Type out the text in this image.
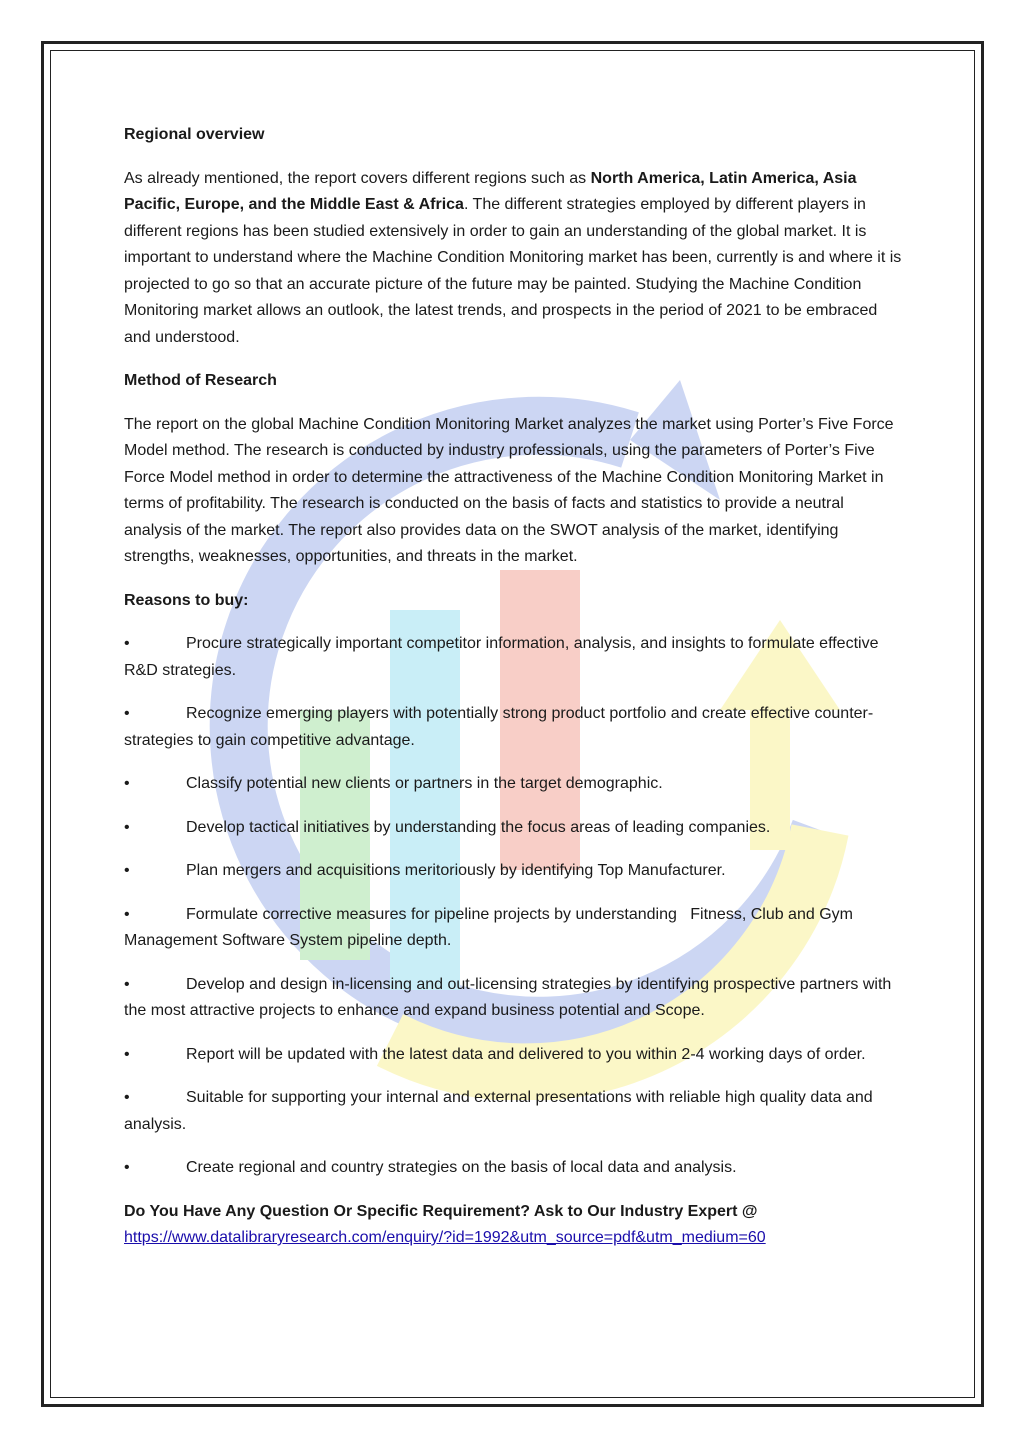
Regional overview

As already mentioned, the report covers different regions such as North America, Latin America, Asia Pacific, Europe, and the Middle East & Africa. The different strategies employed by different players in different regions has been studied extensively in order to gain an understanding of the global market. It is important to understand where the Machine Condition Monitoring market has been, currently is and where it is projected to go so that an accurate picture of the future may be painted. Studying the Machine Condition Monitoring market allows an outlook, the latest trends, and prospects in the period of 2021 to be embraced and understood.

Method of Research

The report on the global Machine Condition Monitoring Market analyzes the market using Porter’s Five Force Model method. The research is conducted by industry professionals, using the parameters of Porter’s Five Force Model method in order to determine the attractiveness of the Machine Condition Monitoring Market in terms of profitability. The research is conducted on the basis of facts and statistics to provide a neutral analysis of the market. The report also provides data on the SWOT analysis of the market, identifying strengths, weaknesses, opportunities, and threats in the market.

Reasons to buy:
•	Procure strategically important competitor information, analysis, and insights to formulate effective R&D strategies.
•	Recognize emerging players with potentially strong product portfolio and create effective counter-strategies to gain competitive advantage.
•	Classify potential new clients or partners in the target demographic.
•	Develop tactical initiatives by understanding the focus areas of leading companies.
•	Plan mergers and acquisitions meritoriously by identifying Top Manufacturer.
•	Formulate corrective measures for pipeline projects by understanding   Fitness, Club and Gym Management Software System pipeline depth.
•	Develop and design in-licensing and out-licensing strategies by identifying prospective partners with the most attractive projects to enhance and expand business potential and Scope.
•	Report will be updated with the latest data and delivered to you within 2-4 working days of order.
•	Suitable for supporting your internal and external presentations with reliable high quality data and analysis.
•	Create regional and country strategies on the basis of local data and analysis.

Do You Have Any Question Or Specific Requirement? Ask to Our Industry Expert @

https://www.datalibraryresearch.com/enquiry/?id=1992&utm_source=pdf&utm_medium=60
